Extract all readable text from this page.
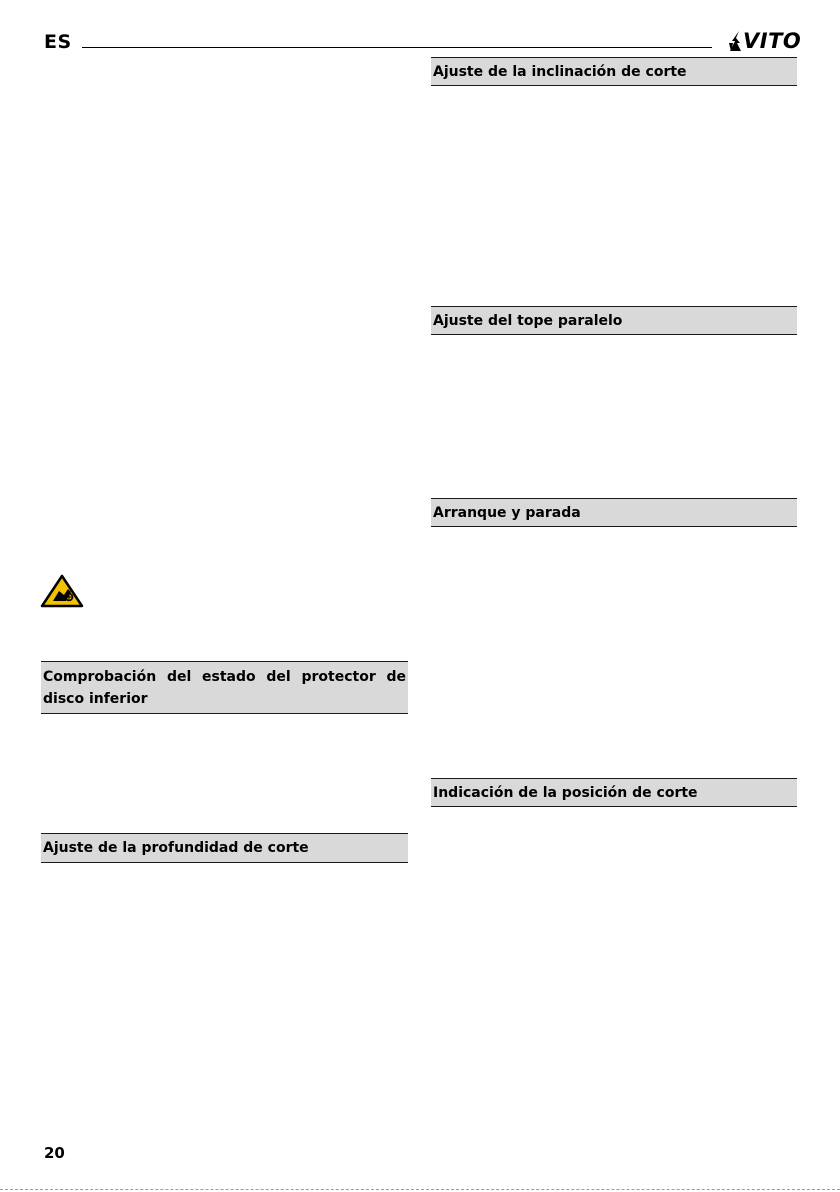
ES	VITO
Ajuste de la inclinación de corte
Ajuste del tope paralelo
Arranque y parada
Indicación de la posición de corte
Comprobación del estado del protector de disco inferior
Ajuste de la profundidad de corte
20
